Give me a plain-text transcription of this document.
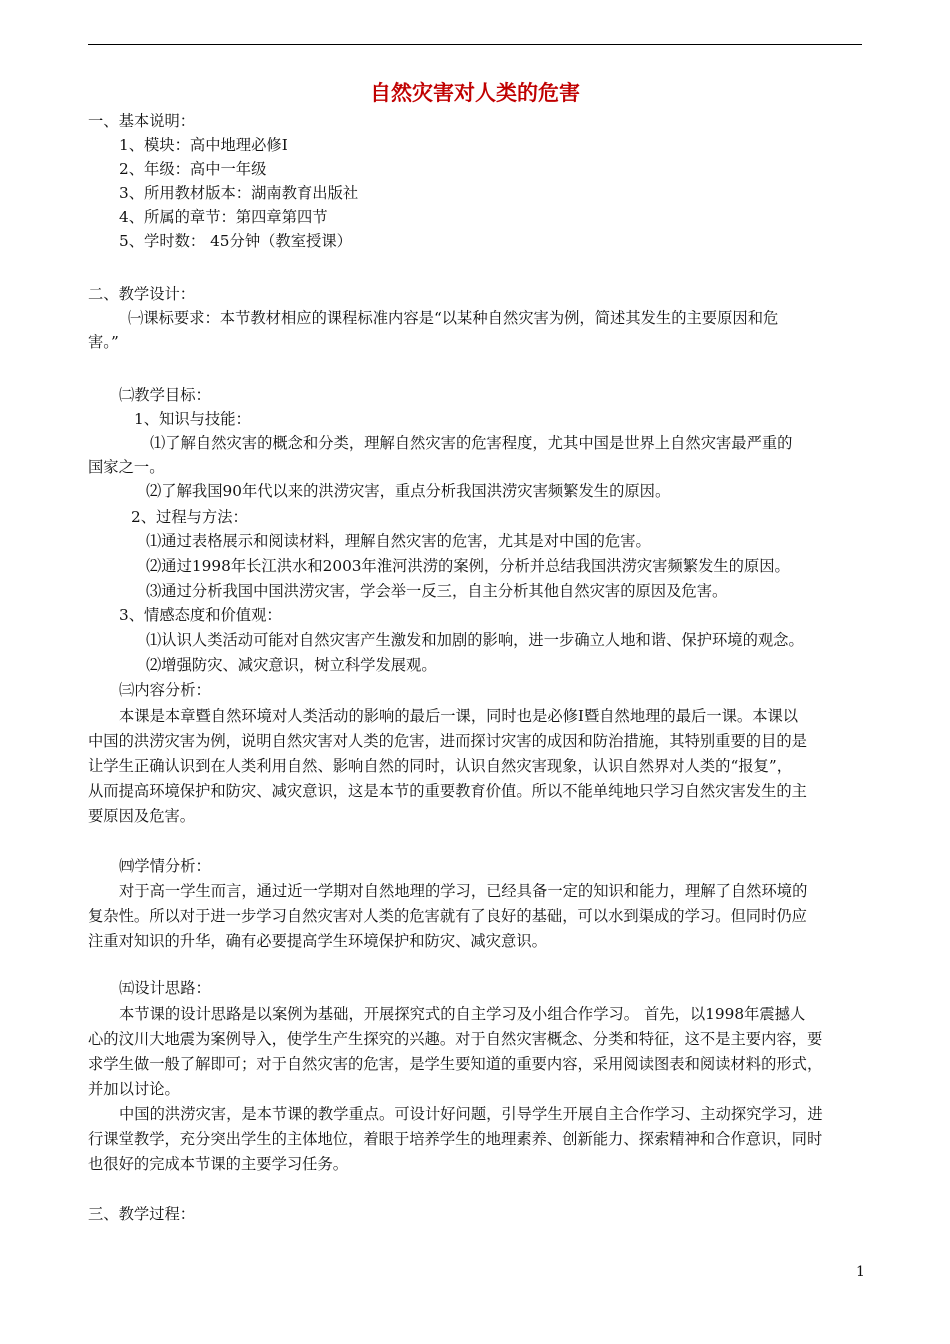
自然灾害对人类的危害
一、基本说明：
1、模块：高中地理必修I
2、年级：高中一年级
3、所用教材版本：湖南教育出版社
4、所属的章节：第四章第四节
5、学时数： 45分钟（教室授课）
二、教学设计：
㈠课标要求：本节教材相应的课程标准内容是“以某种自然灾害为例，简述其发生的主要原因和危
害。”
㈡教学目标：
1、知识与技能：
⑴了解自然灾害的概念和分类，理解自然灾害的危害程度，尤其中国是世界上自然灾害最严重的
国家之一。
⑵了解我国90年代以来的洪涝灾害，重点分析我国洪涝灾害频繁发生的原因。
2、过程与方法：
⑴通过表格展示和阅读材料，理解自然灾害的危害，尤其是对中国的危害。
⑵通过1998年长江洪水和2003年淮河洪涝的案例，分析并总结我国洪涝灾害频繁发生的原因。
⑶通过分析我国中国洪涝灾害，学会举一反三，自主分析其他自然灾害的原因及危害。
3、情感态度和价值观：
⑴认识人类活动可能对自然灾害产生激发和加剧的影响，进一步确立人地和谐、保护环境的观念。
⑵增强防灾、减灾意识，树立科学发展观。
㈢内容分析：
本课是本章暨自然环境对人类活动的影响的最后一课，同时也是必修I暨自然地理的最后一课。本课以
中国的洪涝灾害为例，说明自然灾害对人类的危害，进而探讨灾害的成因和防治措施，其特别重要的目的是
让学生正确认识到在人类利用自然、影响自然的同时，认识自然灾害现象，认识自然界对人类的“报复”，
从而提高环境保护和防灾、减灾意识，这是本节的重要教育价值。所以不能单纯地只学习自然灾害发生的主
要原因及危害。
㈣学情分析：
对于高一学生而言，通过近一学期对自然地理的学习，已经具备一定的知识和能力，理解了自然环境的
复杂性。所以对于进一步学习自然灾害对人类的危害就有了良好的基础，可以水到渠成的学习。但同时仍应
注重对知识的升华，确有必要提高学生环境保护和防灾、减灾意识。
㈤设计思路：
本节课的设计思路是以案例为基础，开展探究式的自主学习及小组合作学习。 首先，以1998年震撼人
心的汶川大地震为案例导入，使学生产生探究的兴趣。对于自然灾害概念、分类和特征，这不是主要内容，要
求学生做一般了解即可；对于自然灾害的危害，是学生要知道的重要内容，采用阅读图表和阅读材料的形式，
并加以讨论。
中国的洪涝灾害，是本节课的教学重点。可设计好问题，引导学生开展自主合作学习、主动探究学习，进
行课堂教学，充分突出学生的主体地位，着眼于培养学生的地理素养、创新能力、探索精神和合作意识，同时
也很好的完成本节课的主要学习任务。
三、教学过程：
1
